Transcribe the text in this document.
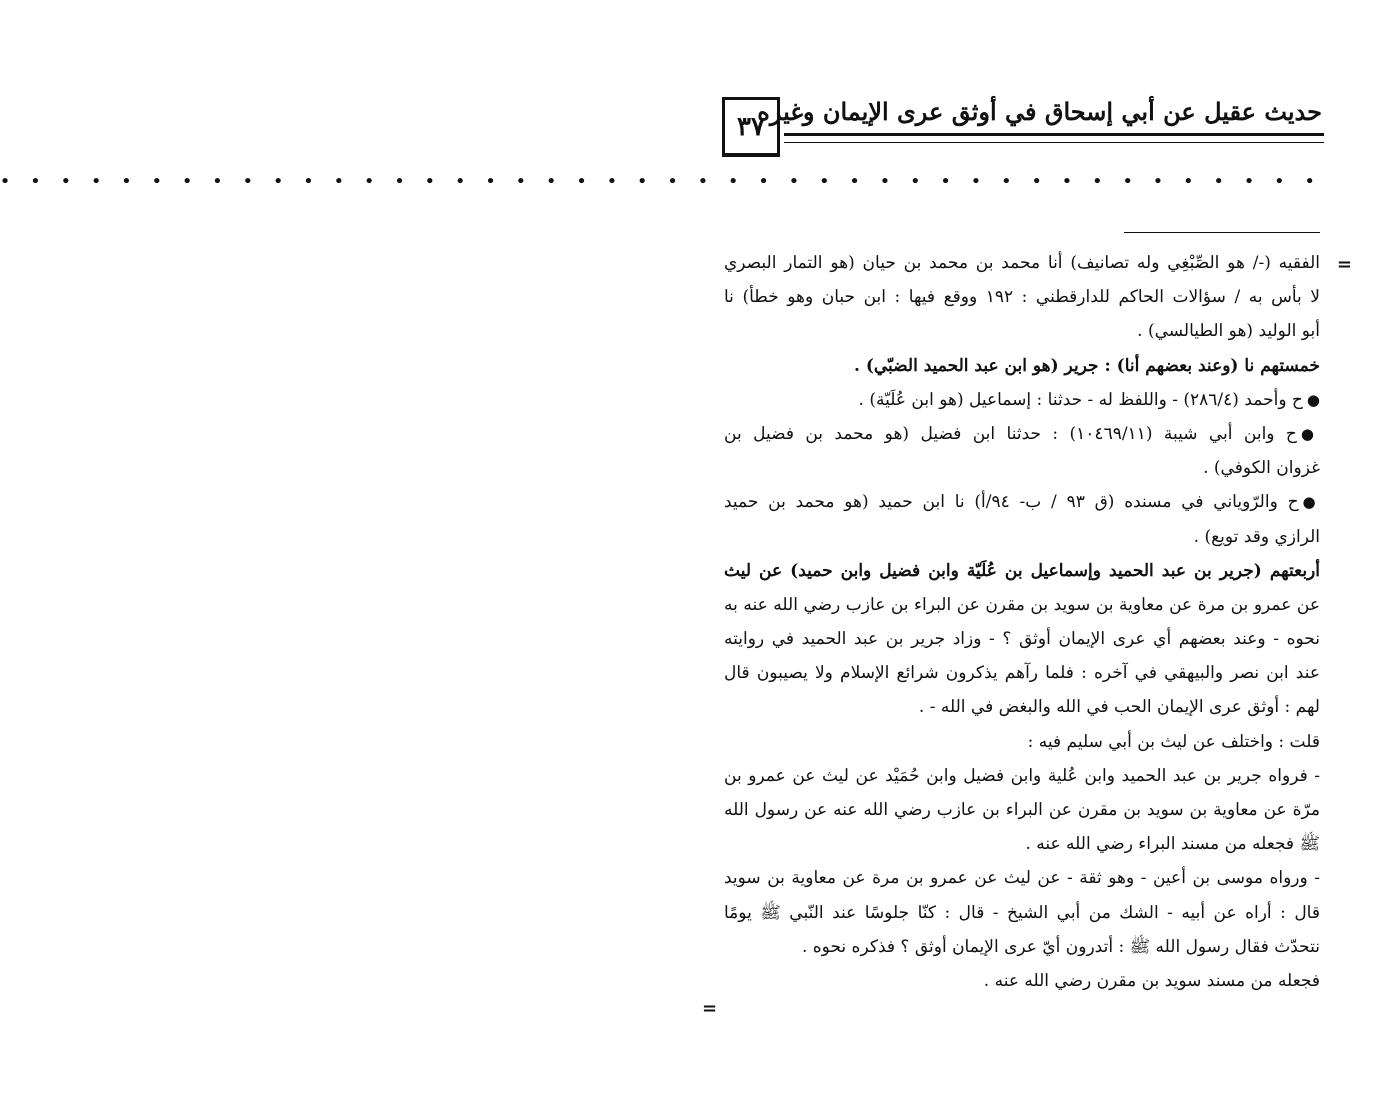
حديث عقيل عن أبي إسحاق في أوثق عرى الإيمان وغيره
٣٧
• • • • • • • • • • • • • • • • • • • • • • • • • • • • • • • • • • • • • • • • • • • •
=
=
الفقيه (-/ هو الصِّبْغِي وله تصانيف) أنا محمد بن محمد بن حيان (هو التمار البصري
لا بأس به / سؤالات الحاكم للدارقطني : ١٩٢ ووقع فيها : ابن حبان وهو خطأ) نا
أبو الوليد (هو الطيالسي) .
خمستهم نا (وعند بعضهم أنا) : جرير (هو ابن عبد الحميد الضبّي) .
●ح وأحمد (٢٨٦/٤) - واللفظ له - حدثنا : إسماعيل (هو ابن عُلَيّة) .
●ح وابن أبي شيبة (١٠٤٦٩/١١) : حدثنا ابن فضيل (هو محمد بن فضيل بن
غزوان الكوفي) .
●ح والرّوياني في مسنده (ق ٩٣ / ب- ٩٤/أ) نا ابن حميد (هو محمد بن حميد
الرازي وقد تويع) .
أربعتهم (جرير بن عبد الحميد وإسماعيل بن عُلَيّة وابن فضيل وابن حميد) عن ليث
عن عمرو بن مرة عن معاوية بن سويد بن مقرن عن البراء بن عازب رضي الله عنه به
نحوه - وعند بعضهم أي عرى الإيمان أوثق ؟ - وزاد جرير بن عبد الحميد في روايته
عند ابن نصر والبيهقي في آخره : فلما رآهم يذكرون شرائع الإسلام ولا يصيبون قال
لهم : أوثق عرى الإيمان الحب في الله والبغض في الله - .
قلت : واختلف عن ليث بن أبي سليم فيه :
- فرواه جرير بن عبد الحميد وابن عُلية وابن فضيل وابن حُمَيْد عن ليث عن عمرو بن
مرّة عن معاوية بن سويد بن مقرن عن البراء بن عازب رضي الله عنه عن رسول الله
ﷺ فجعله من مسند البراء رضي الله عنه .
- ورواه موسى بن أعين - وهو ثقة - عن ليث عن عمرو بن مرة عن معاوية بن سويد
قال : أراه عن أبيه - الشك من أبي الشيخ - قال : كنّا جلوسًا عند النّبي ﷺ يومًا
نتحدّث فقال رسول الله ﷺ : أتدرون أيّ عرى الإيمان أوثق ؟ فذكره نحوه .
فجعله من مسند سويد بن مقرن رضي الله عنه .
